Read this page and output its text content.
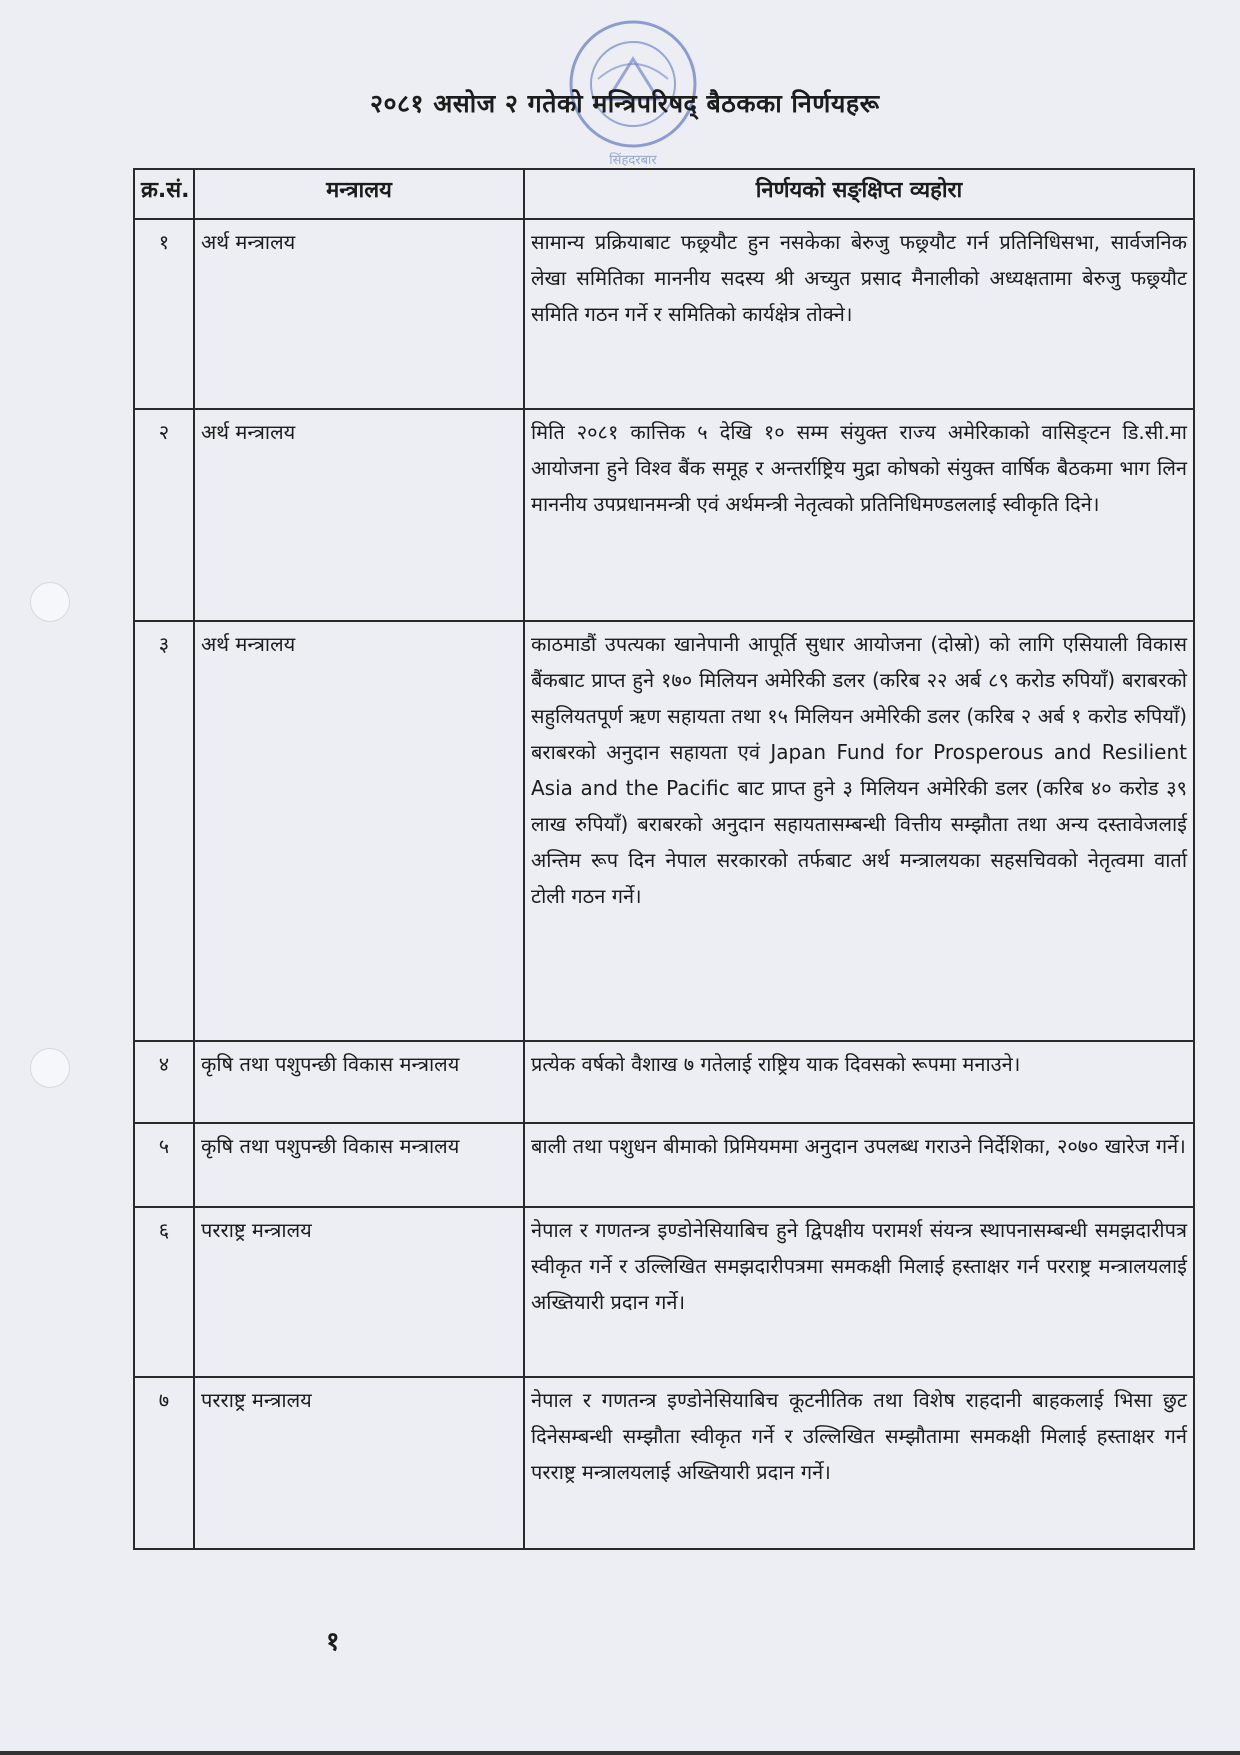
सिंहदरबार
२०८१ असोज २ गतेको मन्त्रिपरिषद् बैठकका निर्णयहरू
क्र.सं.	मन्त्रालय	निर्णयको सङ्क्षिप्त व्यहोरा
१	अर्थ मन्त्रालय	सामान्य प्रक्रियाबाट फछ्र्यौट हुन नसकेका बेरुजु फछ्र्यौट गर्न प्रतिनिधिसभा, सार्वजनिक लेखा समितिका माननीय सदस्य श्री अच्युत प्रसाद मैनालीको अध्यक्षतामा बेरुजु फछ्र्यौट समिति गठन गर्ने र समितिको कार्यक्षेत्र तोक्ने।
२	अर्थ मन्त्रालय	मिति २०८१ कात्तिक ५ देखि १० सम्म संयुक्त राज्य अमेरिकाको वासिङ्टन डि.सी.मा आयोजना हुने विश्व बैंक समूह र अन्तर्राष्ट्रिय मुद्रा कोषको संयुक्त वार्षिक बैठकमा भाग लिन माननीय उपप्रधानमन्त्री एवं अर्थमन्त्री नेतृत्वको प्रतिनिधिमण्डललाई स्वीकृति दिने।
३	अर्थ मन्त्रालय	काठमाडौं उपत्यका खानेपानी आपूर्ति सुधार आयोजना (दोस्रो) को लागि एसियाली विकास बैंकबाट प्राप्त हुने १७० मिलियन अमेरिकी डलर (करिब २२ अर्ब ८९ करोड रुपियाँ) बराबरको सहुलियतपूर्ण ऋण सहायता तथा १५ मिलियन अमेरिकी डलर (करिब २ अर्ब १ करोड रुपियाँ) बराबरको अनुदान सहायता एवं Japan Fund for Prosperous and Resilient Asia and the Pacific बाट प्राप्त हुने ३ मिलियन अमेरिकी डलर (करिब ४० करोड ३९ लाख रुपियाँ) बराबरको अनुदान सहायतासम्बन्धी वित्तीय सम्झौता तथा अन्य दस्तावेजलाई अन्तिम रूप दिन नेपाल सरकारको तर्फबाट अर्थ मन्त्रालयका सहसचिवको नेतृत्वमा वार्ता टोली गठन गर्ने।
४	कृषि तथा पशुपन्छी विकास मन्त्रालय	प्रत्येक वर्षको वैशाख ७ गतेलाई राष्ट्रिय याक दिवसको रूपमा मनाउने।
५	कृषि तथा पशुपन्छी विकास मन्त्रालय	बाली तथा पशुधन बीमाको प्रिमियममा अनुदान उपलब्ध गराउने निर्देशिका, २०७० खारेज गर्ने।
६	परराष्ट्र मन्त्रालय	नेपाल र गणतन्त्र इण्डोनेसियाबिच हुने द्विपक्षीय परामर्श संयन्त्र स्थापनासम्बन्धी समझदारीपत्र स्वीकृत गर्ने र उल्लिखित समझदारीपत्रमा समकक्षी मिलाई हस्ताक्षर गर्न परराष्ट्र मन्त्रालयलाई अख्तियारी प्रदान गर्ने।
७	परराष्ट्र मन्त्रालय	नेपाल र गणतन्त्र इण्डोनेसियाबिच कूटनीतिक तथा विशेष राहदानी बाहकलाई भिसा छुट दिनेसम्बन्धी सम्झौता स्वीकृत गर्ने र उल्लिखित सम्झौतामा समकक्षी मिलाई हस्ताक्षर गर्न परराष्ट्र मन्त्रालयलाई अख्तियारी प्रदान गर्ने।
१
